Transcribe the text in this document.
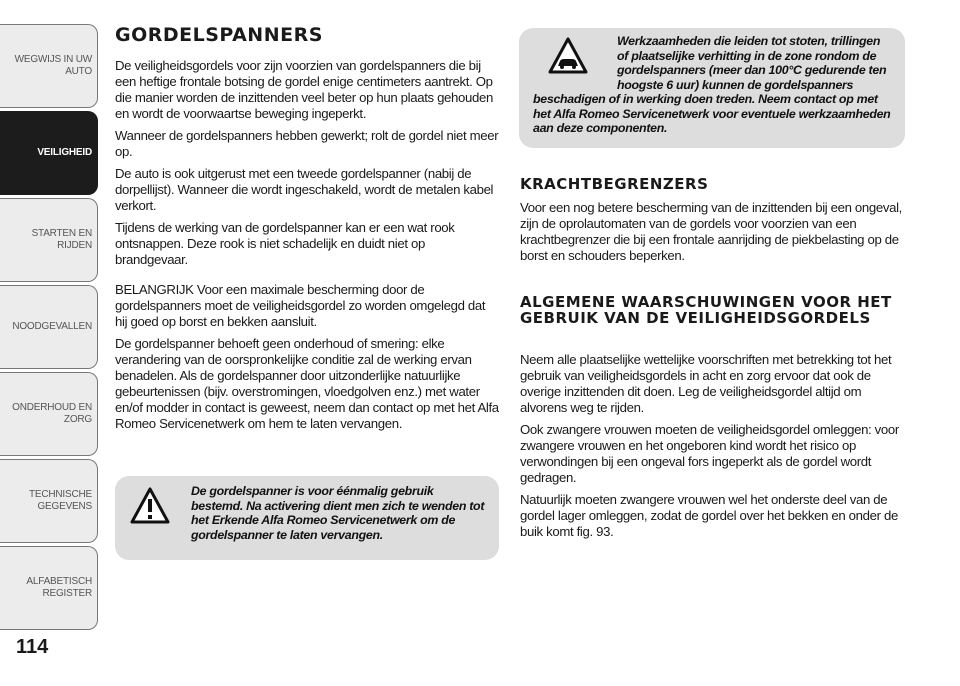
WEGWIJS IN UW AUTO
VEILIGHEID
STARTEN EN RIJDEN
NOODGEVALLEN
ONDERHOUD EN ZORG
TECHNISCHE GEGEVENS
ALFABETISCH REGISTER
114
GORDELSPANNERS

De veiligheidsgordels voor zijn voorzien van gordelspanners die bij een heftige frontale botsing de gordel enige centimeters aantrekt. Op die manier worden de inzittenden veel beter op hun plaats gehouden en wordt de voorwaartse beweging ingeperkt.

Wanneer de gordelspanners hebben gewerkt; rolt de gordel niet meer op.

De auto is ook uitgerust met een tweede gordelspanner (nabij de dorpellijst). Wanneer die wordt ingeschakeld, wordt de metalen kabel verkort.

Tijdens de werking van de gordelspanner kan er een wat rook ontsnappen. Deze rook is niet schadelijk en duidt niet op brandgevaar.

BELANGRIJK Voor een maximale bescherming door de gordelspanners moet de veiligheidsgordel zo worden omgelegd dat hij goed op borst en bekken aansluit.

De gordelspanner behoeft geen onderhoud of smering: elke verandering van de oorspronkelijke conditie zal de werking ervan benadelen. Als de gordelspanner door uitzonderlijke natuurlijke gebeurtenissen (bijv. overstromingen, vloedgolven enz.) met water en/of modder in contact is geweest, neem dan contact op met het Alfa Romeo Servicenetwerk om hem te laten vervangen.

De gordelspanner is voor éénmalig gebruik bestemd. Na activering dient men zich te wenden tot het Erkende Alfa Romeo Servicenetwerk om de gordelspanner te laten vervangen.
Werkzaamheden die leiden tot stoten, trillingen of plaatselijke verhitting in de zone rondom de gordelspanners (meer dan 100°C gedurende ten hoogste 6 uur) kunnen de gordelspanners beschadigen of in werking doen treden. Neem contact op met het Alfa Romeo Servicenetwerk voor eventuele werkzaamheden aan deze componenten.
KRACHTBEGRENZERS

Voor een nog betere bescherming van de inzittenden bij een ongeval, zijn de oprolautomaten van de gordels voor voorzien van een krachtbegrenzer die bij een frontale aanrijding de piekbelasting op de borst en schouders beperken.

ALGEMENE WAARSCHUWINGEN VOOR HET GEBRUIK VAN DE VEILIGHEIDSGORDELS

Neem alle plaatselijke wettelijke voorschriften met betrekking tot het gebruik van veiligheidsgordels in acht en zorg ervoor dat ook de overige inzittenden dit doen. Leg de veiligheidsgordel altijd om alvorens weg te rijden.

Ook zwangere vrouwen moeten de veiligheidsgordel omleggen: voor zwangere vrouwen en het ongeboren kind wordt het risico op verwondingen bij een ongeval fors ingeperkt als de gordel wordt gedragen.

Natuurlijk moeten zwangere vrouwen wel het onderste deel van de gordel lager omleggen, zodat de gordel over het bekken en onder de buik komt fig. 93.
